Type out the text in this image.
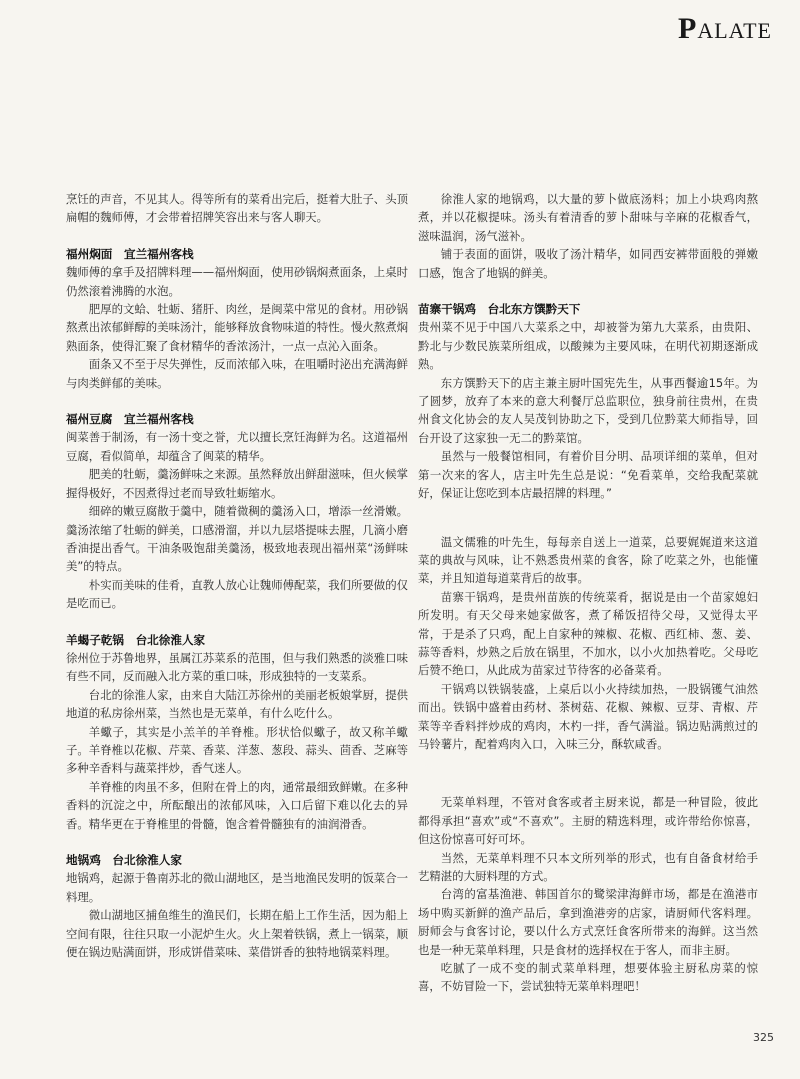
PALATE

烹饪的声音，不见其人。得等所有的菜肴出完后，挺着大肚子、头顶扁帽的魏师傅，才会带着招牌笑容出来与客人聊天。

福州焖面　宜兰福州客栈

魏师傅的拿手及招牌料理——福州焖面，使用砂锅焖煮面条，上桌时仍然滚着沸腾的水泡。

肥厚的文蛤、牡蛎、猪肝、肉丝，是闽菜中常见的食材。用砂锅熬煮出浓郁鲜醇的美味汤汁，能够释放食物味道的特性。慢火熬煮焖熟面条，使得汇聚了食材精华的香浓汤汁，一点一点沁入面条。

面条又不至于尽失弹性，反而浓郁入味，在咀嚼时泌出充满海鲜与肉类鲜郁的美味。

福州豆腐　宜兰福州客栈

闽菜善于制汤，有一汤十变之誉，尤以擅长烹饪海鲜为名。这道福州豆腐，看似简单，却蕴含了闽菜的精华。

肥美的牡蛎，羹汤鲜味之来源。虽然释放出鲜甜滋味，但火候掌握得极好，不因煮得过老而导致牡蛎缩水。

细碎的嫩豆腐散于羹中，随着微稠的羹汤入口，增添一丝滑嫩。羹汤浓缩了牡蛎的鲜美，口感滑溜，并以九层塔提味去腥，几滴小磨香油提出香气。干油条吸饱甜美羹汤，极致地表现出福州菜“汤鲜味美”的特点。

朴实而美味的佳肴，直教人放心让魏师傅配菜，我们所要做的仅是吃而已。

羊蝎子乾锅　台北徐淮人家

徐州位于苏鲁地界，虽属江苏菜系的范围，但与我们熟悉的淡雅口味有些不同，反而融入北方菜的重口味，形成独特的一支菜系。

台北的徐淮人家，由来自大陆江苏徐州的美丽老板娘掌厨，提供地道的私房徐州菜，当然也是无菜单，有什么吃什么。

羊蠍子，其实是小羔羊的羊脊椎。形状恰似蠍子，故又称羊蠍子。羊脊椎以花椒、芹菜、香菜、洋葱、葱段、蒜头、茴香、芝麻等多种辛香料与蔬菜拌炒，香气迷人。

羊脊椎的肉虽不多，但附在骨上的肉，通常最细致鲜嫩。在多种香料的沉淀之中，所酝酿出的浓郁风味，入口后留下难以化去的异香。精华更在于脊椎里的骨髓，饱含着骨髓独有的油润滑香。

地锅鸡　台北徐淮人家

地锅鸡，起源于鲁南苏北的微山湖地区，是当地渔民发明的饭菜合一料理。

微山湖地区捕鱼维生的渔民们，长期在船上工作生活，因为船上空间有限，往往只取一小泥炉生火。火上架着铁锅，煮上一锅菜，顺便在锅边贴满面饼，形成饼借菜味、菜借饼香的独特地锅菜料理。

徐淮人家的地锅鸡，以大量的萝卜做底汤料；加上小块鸡肉熬煮，并以花椒提味。汤头有着清香的萝卜甜味与辛麻的花椒香气，滋味温润，汤气滋补。

铺于表面的面饼，吸收了汤汁精华，如同西安裤带面般的弹嫩口感，饱含了地锅的鲜美。

苗寨干锅鸡　台北东方馔黔天下

贵州菜不见于中国八大菜系之中，却被誉为第九大菜系，由贵阳、黔北与少数民族菜所组成，以酸辣为主要风味，在明代初期逐渐成熟。

东方馔黔天下的店主兼主厨叶国宪先生，从事西餐逾15年。为了圆梦，放弃了本来的意大利餐厅总监职位，独身前往贵州，在贵州食文化协会的友人吴茂钊协助之下，受到几位黔菜大师指导，回台开设了这家独一无二的黔菜馆。

虽然与一般餐馆相同，有着价目分明、品项详细的菜单，但对第一次来的客人，店主叶先生总是说：“免看菜单，交给我配菜就好，保证让您吃到本店最招牌的料理。”

温文儒雅的叶先生，每每亲自送上一道菜，总要娓娓道来这道菜的典故与风味，让不熟悉贵州菜的食客，除了吃菜之外，也能懂菜，并且知道每道菜背后的故事。

苗寨干锅鸡，是贵州苗族的传统菜肴，据说是由一个苗家媳妇所发明。有天父母来她家做客，煮了稀饭招待父母，又觉得太平常，于是杀了只鸡，配上自家种的辣椒、花椒、西红柿、葱、姜、蒜等香料，炒熟之后放在锅里，不加水，以小火加热着吃。父母吃后赞不绝口，从此成为苗家过节待客的必备菜肴。

干锅鸡以铁锅装盛，上桌后以小火持续加热，一股锅镬气油然而出。铁锅中盛着由药材、茶树菇、花椒、辣椒、豆芽、青椒、芹菜等辛香料拌炒成的鸡肉，木杓一拌，香气满溢。锅边贴满煎过的马铃薯片，配着鸡肉入口，入味三分，酥软咸香。

无菜单料理，不管对食客或者主厨来说，都是一种冒险，彼此都得承担“喜欢”或“不喜欢”。主厨的精选料理，或许带给你惊喜，但这份惊喜可好可坏。

当然，无菜单料理不只本文所列举的形式，也有自备食材给手艺精湛的大厨料理的方式。

台湾的富基渔港、韩国首尔的鹭梁津海鲜市场，都是在渔港市场中购买新鲜的渔产品后，拿到渔港旁的店家，请厨师代客料理。厨师会与食客讨论，要以什么方式烹饪食客所带来的海鲜。这当然也是一种无菜单料理，只是食材的选择权在于客人，而非主厨。

吃腻了一成不变的制式菜单料理，想要体验主厨私房菜的惊喜，不妨冒险一下，尝试独特无菜单料理吧！

325
